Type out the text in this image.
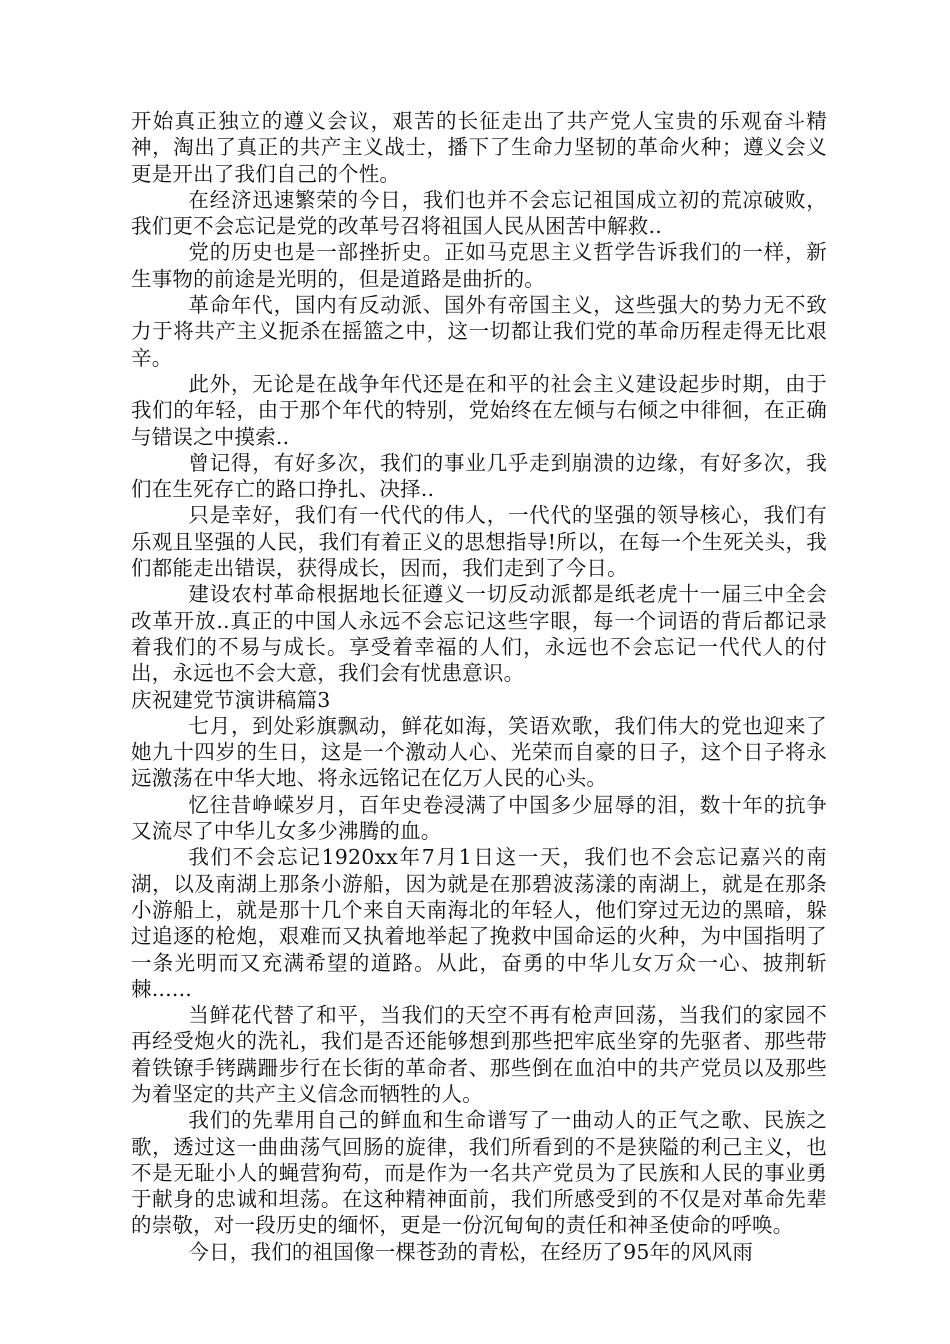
开始真正独立的遵义会议，艰苦的长征走出了共产党人宝贵的乐观奋斗精神，淘出了真正的共产主义战士，播下了生命力坚韧的革命火种；遵义会义更是开出了我们自己的个性。

在经济迅速繁荣的今日，我们也并不会忘记祖国成立初的荒凉破败，我们更不会忘记是党的改革号召将祖国人民从困苦中解救..

党的历史也是一部挫折史。正如马克思主义哲学告诉我们的一样，新生事物的前途是光明的，但是道路是曲折的。

革命年代，国内有反动派、国外有帝国主义，这些强大的势力无不致力于将共产主义扼杀在摇篮之中，这一切都让我们党的革命历程走得无比艰辛。

此外，无论是在战争年代还是在和平的社会主义建设起步时期，由于我们的年轻，由于那个年代的特别，党始终在左倾与右倾之中徘徊，在正确与错误之中摸索..

曾记得，有好多次，我们的事业几乎走到崩溃的边缘，有好多次，我们在生死存亡的路口挣扎、决择..

只是幸好，我们有一代代的伟人，一代代的坚强的领导核心，我们有乐观且坚强的人民，我们有着正义的思想指导!所以，在每一个生死关头，我们都能走出错误，获得成长，因而，我们走到了今日。

建设农村革命根据地长征遵义一切反动派都是纸老虎十一届三中全会改革开放..真正的中国人永远不会忘记这些字眼，每一个词语的背后都记录着我们的不易与成长。享受着幸福的人们，永远也不会忘记一代代人的付出，永远也不会大意，我们会有忧患意识。

庆祝建党节演讲稿篇3

七月，到处彩旗飘动，鲜花如海，笑语欢歌，我们伟大的党也迎来了她九十四岁的生日，这是一个激动人心、光荣而自豪的日子，这个日子将永远激荡在中华大地、将永远铭记在亿万人民的心头。

忆往昔峥嵘岁月，百年史卷浸满了中国多少屈辱的泪，数十年的抗争又流尽了中华儿女多少沸腾的血。

我们不会忘记1920xx年7月1日这一天，我们也不会忘记嘉兴的南湖，以及南湖上那条小游船，因为就是在那碧波荡漾的南湖上，就是在那条小游船上，就是那十几个来自天南海北的年轻人，他们穿过无边的黑暗，躲过追逐的枪炮，艰难而又执着地举起了挽救中国命运的火种，为中国指明了一条光明而又充满希望的道路。从此，奋勇的中华儿女万众一心、披荆斩棘......

当鲜花代替了和平，当我们的天空不再有枪声回荡，当我们的家园不再经受炮火的洗礼，我们是否还能够想到那些把牢底坐穿的先驱者、那些带着铁镣手铐蹒跚步行在长街的革命者、那些倒在血泊中的共产党员以及那些为着坚定的共产主义信念而牺牲的人。

我们的先辈用自己的鲜血和生命谱写了一曲动人的正气之歌、民族之歌，透过这一曲曲荡气回肠的旋律，我们所看到的不是狭隘的利己主义，也不是无耻小人的蝇营狗苟，而是作为一名共产党员为了民族和人民的事业勇于献身的忠诚和坦荡。在这种精神面前，我们所感受到的不仅是对革命先辈的崇敬，对一段历史的缅怀，更是一份沉甸甸的责任和神圣使命的呼唤。

今日，我们的祖国像一棵苍劲的青松，在经历了95年的风风雨
